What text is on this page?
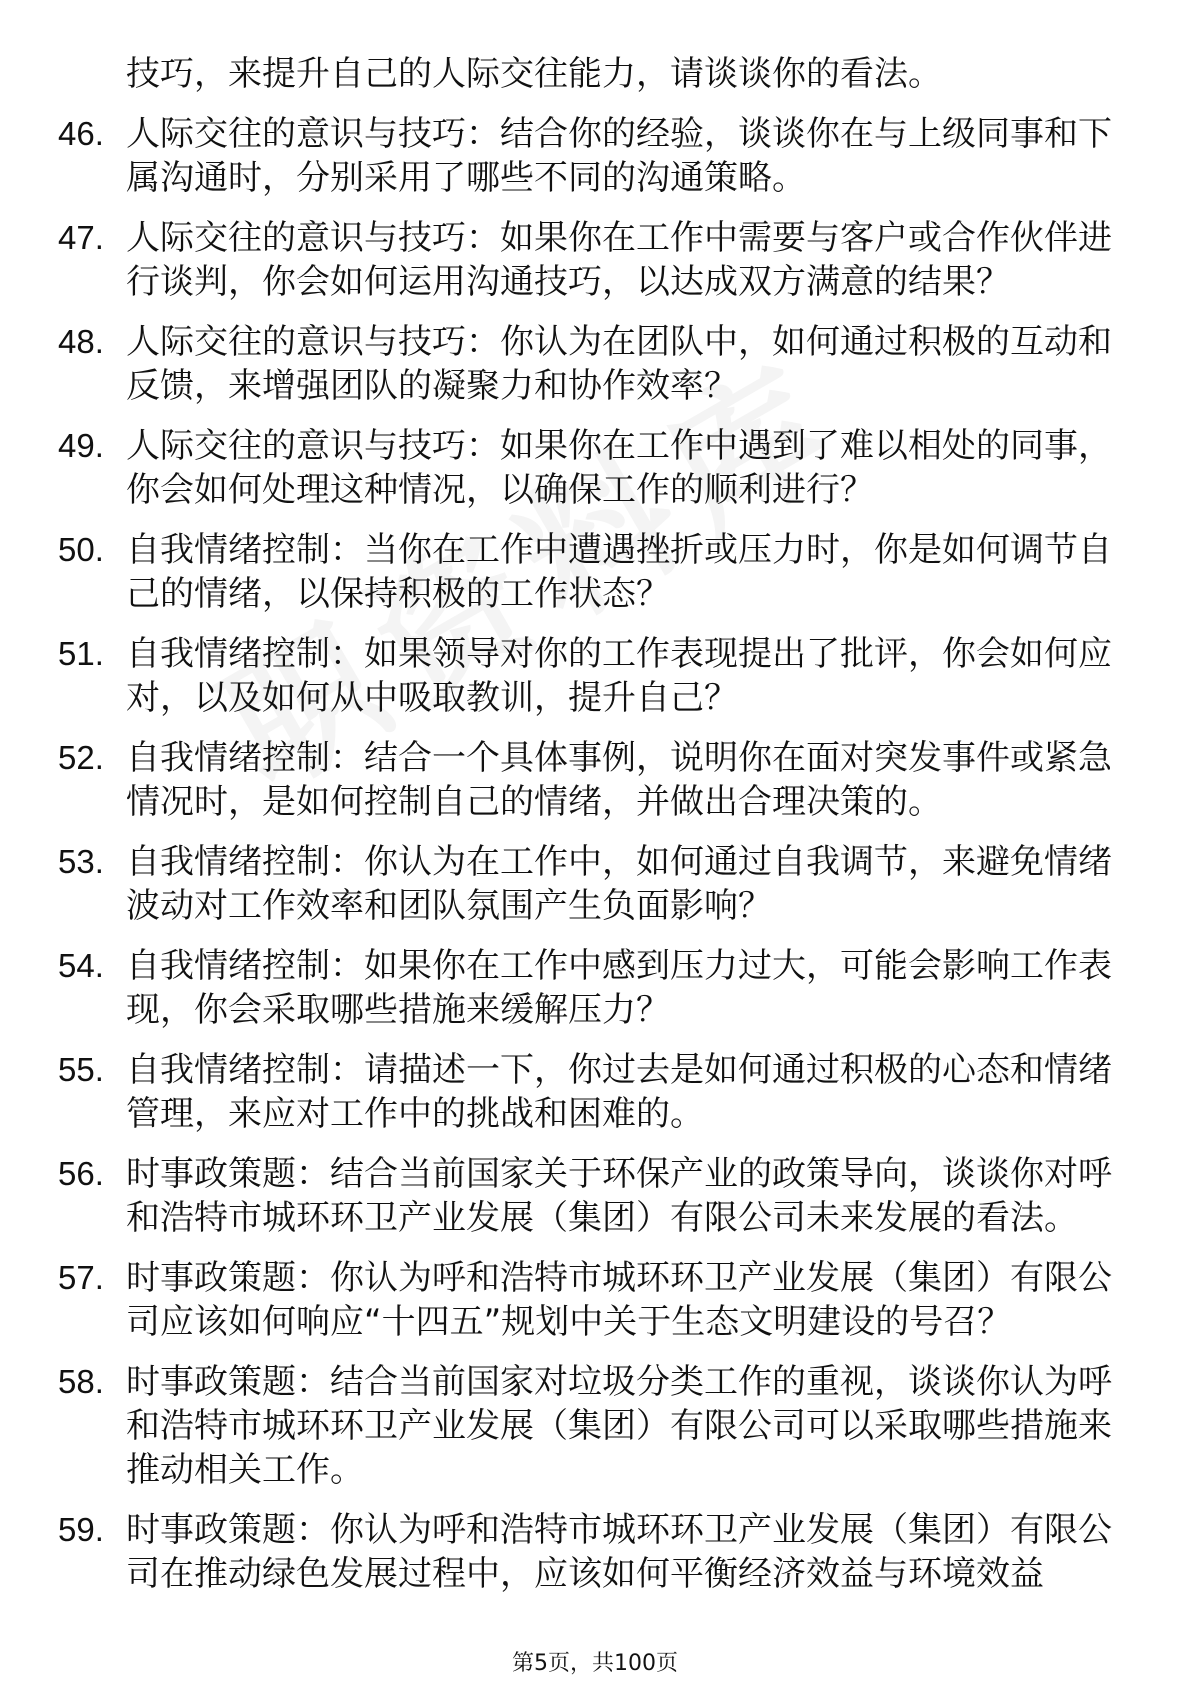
技巧，来提升自己的人际交往能力，请谈谈你的看法。
46. 人际交往的意识与技巧：结合你的经验，谈谈你在与上级同事和下属沟通时，分别采用了哪些不同的沟通策略。
47. 人际交往的意识与技巧：如果你在工作中需要与客户或合作伙伴进行谈判，你会如何运用沟通技巧，以达成双方满意的结果？
48. 人际交往的意识与技巧：你认为在团队中，如何通过积极的互动和反馈，来增强团队的凝聚力和协作效率？
49. 人际交往的意识与技巧：如果你在工作中遇到了难以相处的同事，你会如何处理这种情况，以确保工作的顺利进行？
50. 自我情绪控制：当你在工作中遭遇挫折或压力时，你是如何调节自己的情绪，以保持积极的工作状态？
51. 自我情绪控制：如果领导对你的工作表现提出了批评，你会如何应对，以及如何从中吸取教训，提升自己？
52. 自我情绪控制：结合一个具体事例，说明你在面对突发事件或紧急情况时，是如何控制自己的情绪，并做出合理决策的。
53. 自我情绪控制：你认为在工作中，如何通过自我调节，来避免情绪波动对工作效率和团队氛围产生负面影响？
54. 自我情绪控制：如果你在工作中感到压力过大，可能会影响工作表现，你会采取哪些措施来缓解压力？
55. 自我情绪控制：请描述一下，你过去是如何通过积极的心态和情绪管理，来应对工作中的挑战和困难的。
56. 时事政策题：结合当前国家关于环保产业的政策导向，谈谈你对呼和浩特市城环环卫产业发展（集团）有限公司未来发展的看法。
57. 时事政策题：你认为呼和浩特市城环环卫产业发展（集团）有限公司应该如何响应“十四五”规划中关于生态文明建设的号召？
58. 时事政策题：结合当前国家对垃圾分类工作的重视，谈谈你认为呼和浩特市城环环卫产业发展（集团）有限公司可以采取哪些措施来推动相关工作。
59. 时事政策题：你认为呼和浩特市城环环卫产业发展（集团）有限公司在推动绿色发展过程中，应该如何平衡经济效益与环境效益
第5页，共100页
